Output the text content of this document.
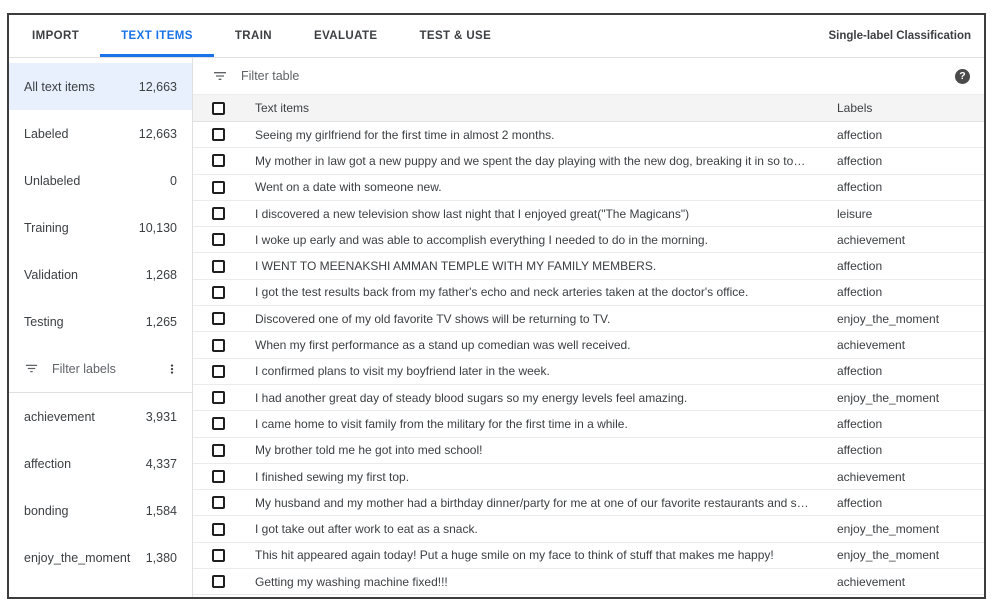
IMPORT	TEXT ITEMS	TRAIN	EVALUATE	TEST & USE	Single-label Classification
All text items	12,663
Labeled	12,663
Unlabeled	0
Training	10,130
Validation	1,268
Testing	1,265
Filter labels
achievement	3,931
affection	4,337
bonding	1,584
enjoy_the_moment 1,380
Filter table	?
Text items	Labels
Seeing my girlfriend for the first time in almost 2 months.	affection
My mother in law got a new puppy and we spent the day playing with the new dog, breaking it in so to…	affection
Went on a date with someone new.	affection
I discovered a new television show last night that I enjoyed great("The Magicans")	leisure
I woke up early and was able to accomplish everything I needed to do in the morning.	achievement
I WENT TO MEENAKSHI AMMAN TEMPLE WITH MY FAMILY MEMBERS.	affection
I got the test results back from my father's echo and neck arteries taken at the doctor's office.	affection
Discovered one of my old favorite TV shows will be returning to TV.	enjoy_the_moment
When my first performance as a stand up comedian was well received.	achievement
I confirmed plans to visit my boyfriend later in the week.	affection
I had another great day of steady blood sugars so my energy levels feel amazing.	enjoy_the_moment
I came home to visit family from the military for the first time in a while.	affection
My brother told me he got into med school!	affection
I finished sewing my first top.	achievement
My husband and my mother had a birthday dinner/party for me at one of our favorite restaurants and s…	affection
I got take out after work to eat as a snack.	enjoy_the_moment
This hit appeared again today! Put a huge smile on my face to think of stuff that makes me happy!	enjoy_the_moment
Getting my washing machine fixed!!!	achievement
